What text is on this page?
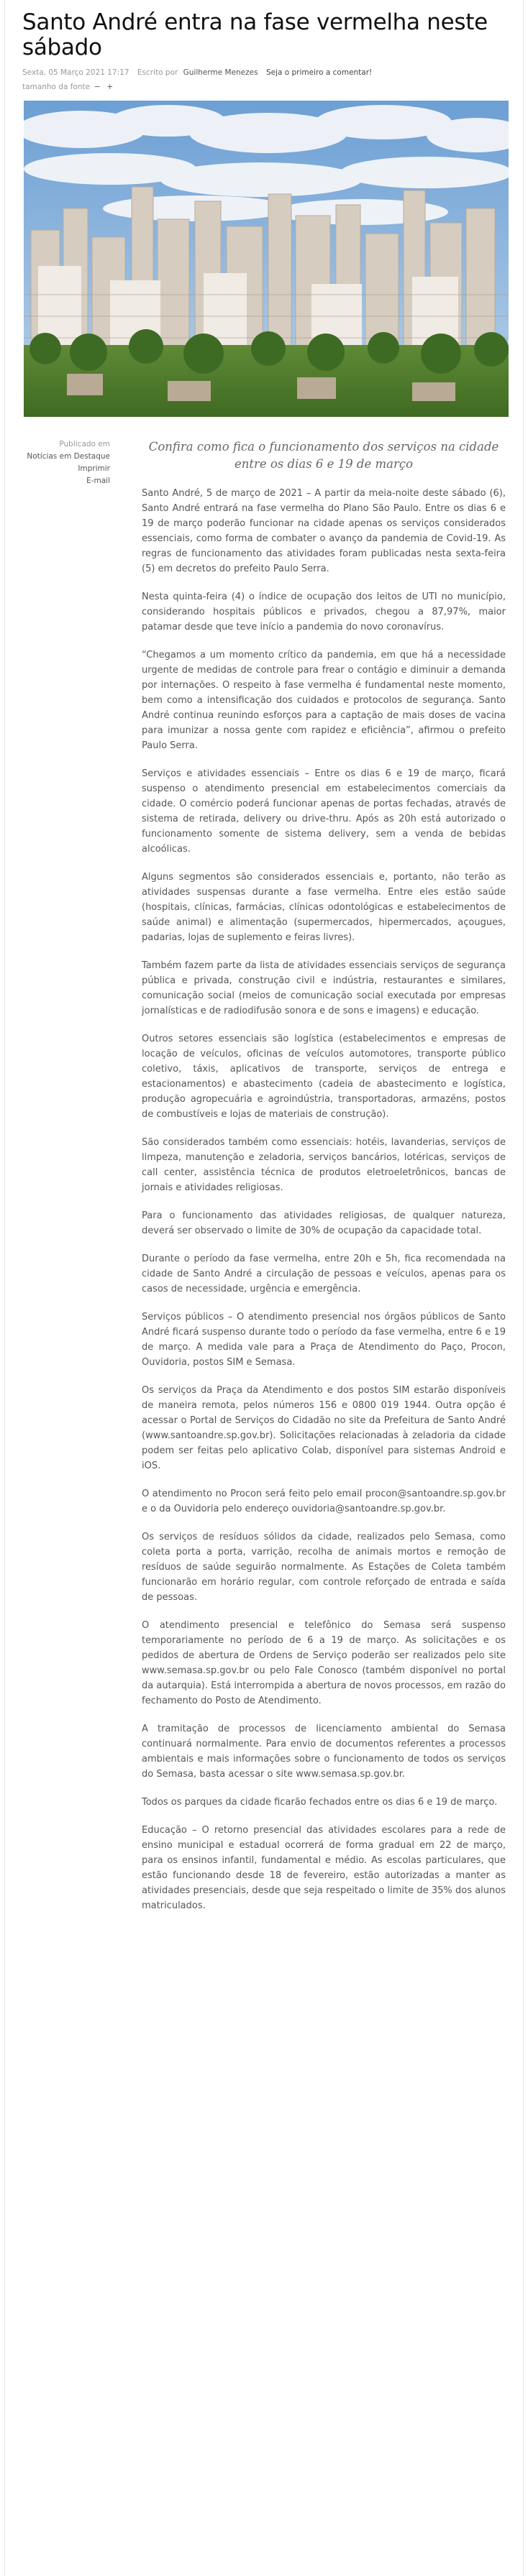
Santo André entra na fase vermelha neste sábado
Sexta, 05 Março 2021 17:17 Escrito por Guilherme Menezes Seja o primeiro a comentar!
tamanho da fonte − +
Publicado em
Notícias em Destaque
Imprimir
E-mail

Confira como fica o funcionamento dos serviços na cidade entre os dias 6 e 19 de março

Santo André, 5 de março de 2021 – A partir da meia-noite deste sábado (6), Santo André entrará na fase vermelha do Plano São Paulo. Entre os dias 6 e 19 de março poderão funcionar na cidade apenas os serviços considerados essenciais, como forma de combater o avanço da pandemia de Covid-19. As regras de funcionamento das atividades foram publicadas nesta sexta-feira (5) em decretos do prefeito Paulo Serra.

Nesta quinta-feira (4) o índice de ocupação dos leitos de UTI no município, considerando hospitais públicos e privados, chegou a 87,97%, maior patamar desde que teve início a pandemia do novo coronavírus.

“Chegamos a um momento crítico da pandemia, em que há a necessidade urgente de medidas de controle para frear o contágio e diminuir a demanda por internações. O respeito à fase vermelha é fundamental neste momento, bem como a intensificação dos cuidados e protocolos de segurança. Santo André continua reunindo esforços para a captação de mais doses de vacina para imunizar a nossa gente com rapidez e eficiência”, afirmou o prefeito Paulo Serra.

Serviços e atividades essenciais – Entre os dias 6 e 19 de março, ficará suspenso o atendimento presencial em estabelecimentos comerciais da cidade. O comércio poderá funcionar apenas de portas fechadas, através de sistema de retirada, delivery ou drive-thru. Após as 20h está autorizado o funcionamento somente de sistema delivery, sem a venda de bebidas alcoólicas.

Alguns segmentos são considerados essenciais e, portanto, não terão as atividades suspensas durante a fase vermelha. Entre eles estão saúde (hospitais, clínicas, farmácias, clínicas odontológicas e estabelecimentos de saúde animal) e alimentação (supermercados, hipermercados, açougues, padarias, lojas de suplemento e feiras livres).

Também fazem parte da lista de atividades essenciais serviços de segurança pública e privada, construção civil e indústria, restaurantes e similares, comunicação social (meios de comunicação social executada por empresas jornalísticas e de radiodifusão sonora e de sons e imagens) e educação.

Outros setores essenciais são logística (estabelecimentos e empresas de locação de veículos, oficinas de veículos automotores, transporte público coletivo, táxis, aplicativos de transporte, serviços de entrega e estacionamentos) e abastecimento (cadeia de abastecimento e logística, produção agropecuária e agroindústria, transportadoras, armazéns, postos de combustíveis e lojas de materiais de construção).

São considerados também como essenciais: hotéis, lavanderias, serviços de limpeza, manutenção e zeladoria, serviços bancários, lotéricas, serviços de call center, assistência técnica de produtos eletroeletrônicos, bancas de jornais e atividades religiosas.

Para o funcionamento das atividades religiosas, de qualquer natureza, deverá ser observado o limite de 30% de ocupação da capacidade total.

Durante o período da fase vermelha, entre 20h e 5h, fica recomendada na cidade de Santo André a circulação de pessoas e veículos, apenas para os casos de necessidade, urgência e emergência.

Serviços públicos – O atendimento presencial nos órgãos públicos de Santo André ficará suspenso durante todo o período da fase vermelha, entre 6 e 19 de março. A medida vale para a Praça de Atendimento do Paço, Procon, Ouvidoria, postos SIM e Semasa.

Os serviços da Praça da Atendimento e dos postos SIM estarão disponíveis de maneira remota, pelos números 156 e 0800 019 1944. Outra opção é acessar o Portal de Serviços do Cidadão no site da Prefeitura de Santo André (www.santoandre.sp.gov.br). Solicitações relacionadas à zeladoria da cidade podem ser feitas pelo aplicativo Colab, disponível para sistemas Android e iOS.

O atendimento no Procon será feito pelo email procon@santoandre.sp.gov.br e o da Ouvidoria pelo endereço ouvidoria@santoandre.sp.gov.br.

Os serviços de resíduos sólidos da cidade, realizados pelo Semasa, como coleta porta a porta, varrição, recolha de animais mortos e remoção de resíduos de saúde seguirão normalmente. As Estações de Coleta também funcionarão em horário regular, com controle reforçado de entrada e saída de pessoas.

O atendimento presencial e telefônico do Semasa será suspenso temporariamente no período de 6 a 19 de março. As solicitações e os pedidos de abertura de Ordens de Serviço poderão ser realizados pelo site www.semasa.sp.gov.br ou pelo Fale Conosco (também disponível no portal da autarquia). Está interrompida a abertura de novos processos, em razão do fechamento do Posto de Atendimento.

A tramitação de processos de licenciamento ambiental do Semasa continuará normalmente. Para envio de documentos referentes a processos ambientais e mais informações sobre o funcionamento de todos os serviços do Semasa, basta acessar o site www.semasa.sp.gov.br.

Todos os parques da cidade ficarão fechados entre os dias 6 e 19 de março.

Educação – O retorno presencial das atividades escolares para a rede de ensino municipal e estadual ocorrerá de forma gradual em 22 de março, para os ensinos infantil, fundamental e médio. As escolas particulares, que estão funcionando desde 18 de fevereiro, estão autorizadas a manter as atividades presenciais, desde que seja respeitado o limite de 35% dos alunos matriculados.
